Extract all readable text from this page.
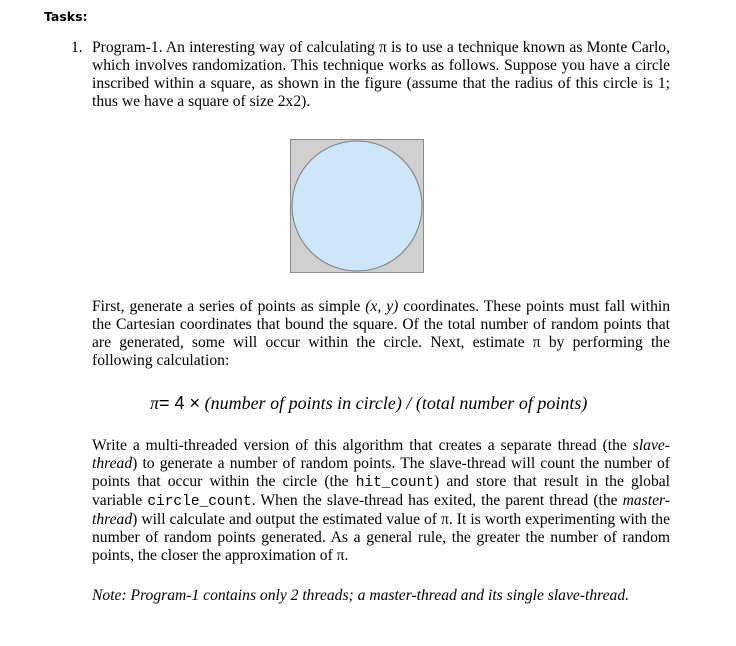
Tasks:
1. Program-1. An interesting way of calculating π is to use a technique known as Monte Carlo, which involves randomization. This technique works as follows. Suppose you have a circle inscribed within a square, as shown in the figure (assume that the radius of this circle is 1; thus we have a square of size 2x2).

First, generate a series of points as simple (x, y) coordinates. These points must fall within the Cartesian coordinates that bound the square. Of the total number of random points that are generated, some will occur within the circle. Next, estimate π by performing the following calculation:

π= 4 × (number of points in circle) / (total number of points)

Write a multi-threaded version of this algorithm that creates a separate thread (the slave-thread) to generate a number of random points. The slave-thread will count the number of points that occur within the circle (the hit_count) and store that result in the global variable circle_count. When the slave-thread has exited, the parent thread (the master-thread) will calculate and output the estimated value of π. It is worth experimenting with the number of random points generated. As a general rule, the greater the number of random points, the closer the approximation of π.

Note: Program-1 contains only 2 threads; a master-thread and its single slave-thread.
